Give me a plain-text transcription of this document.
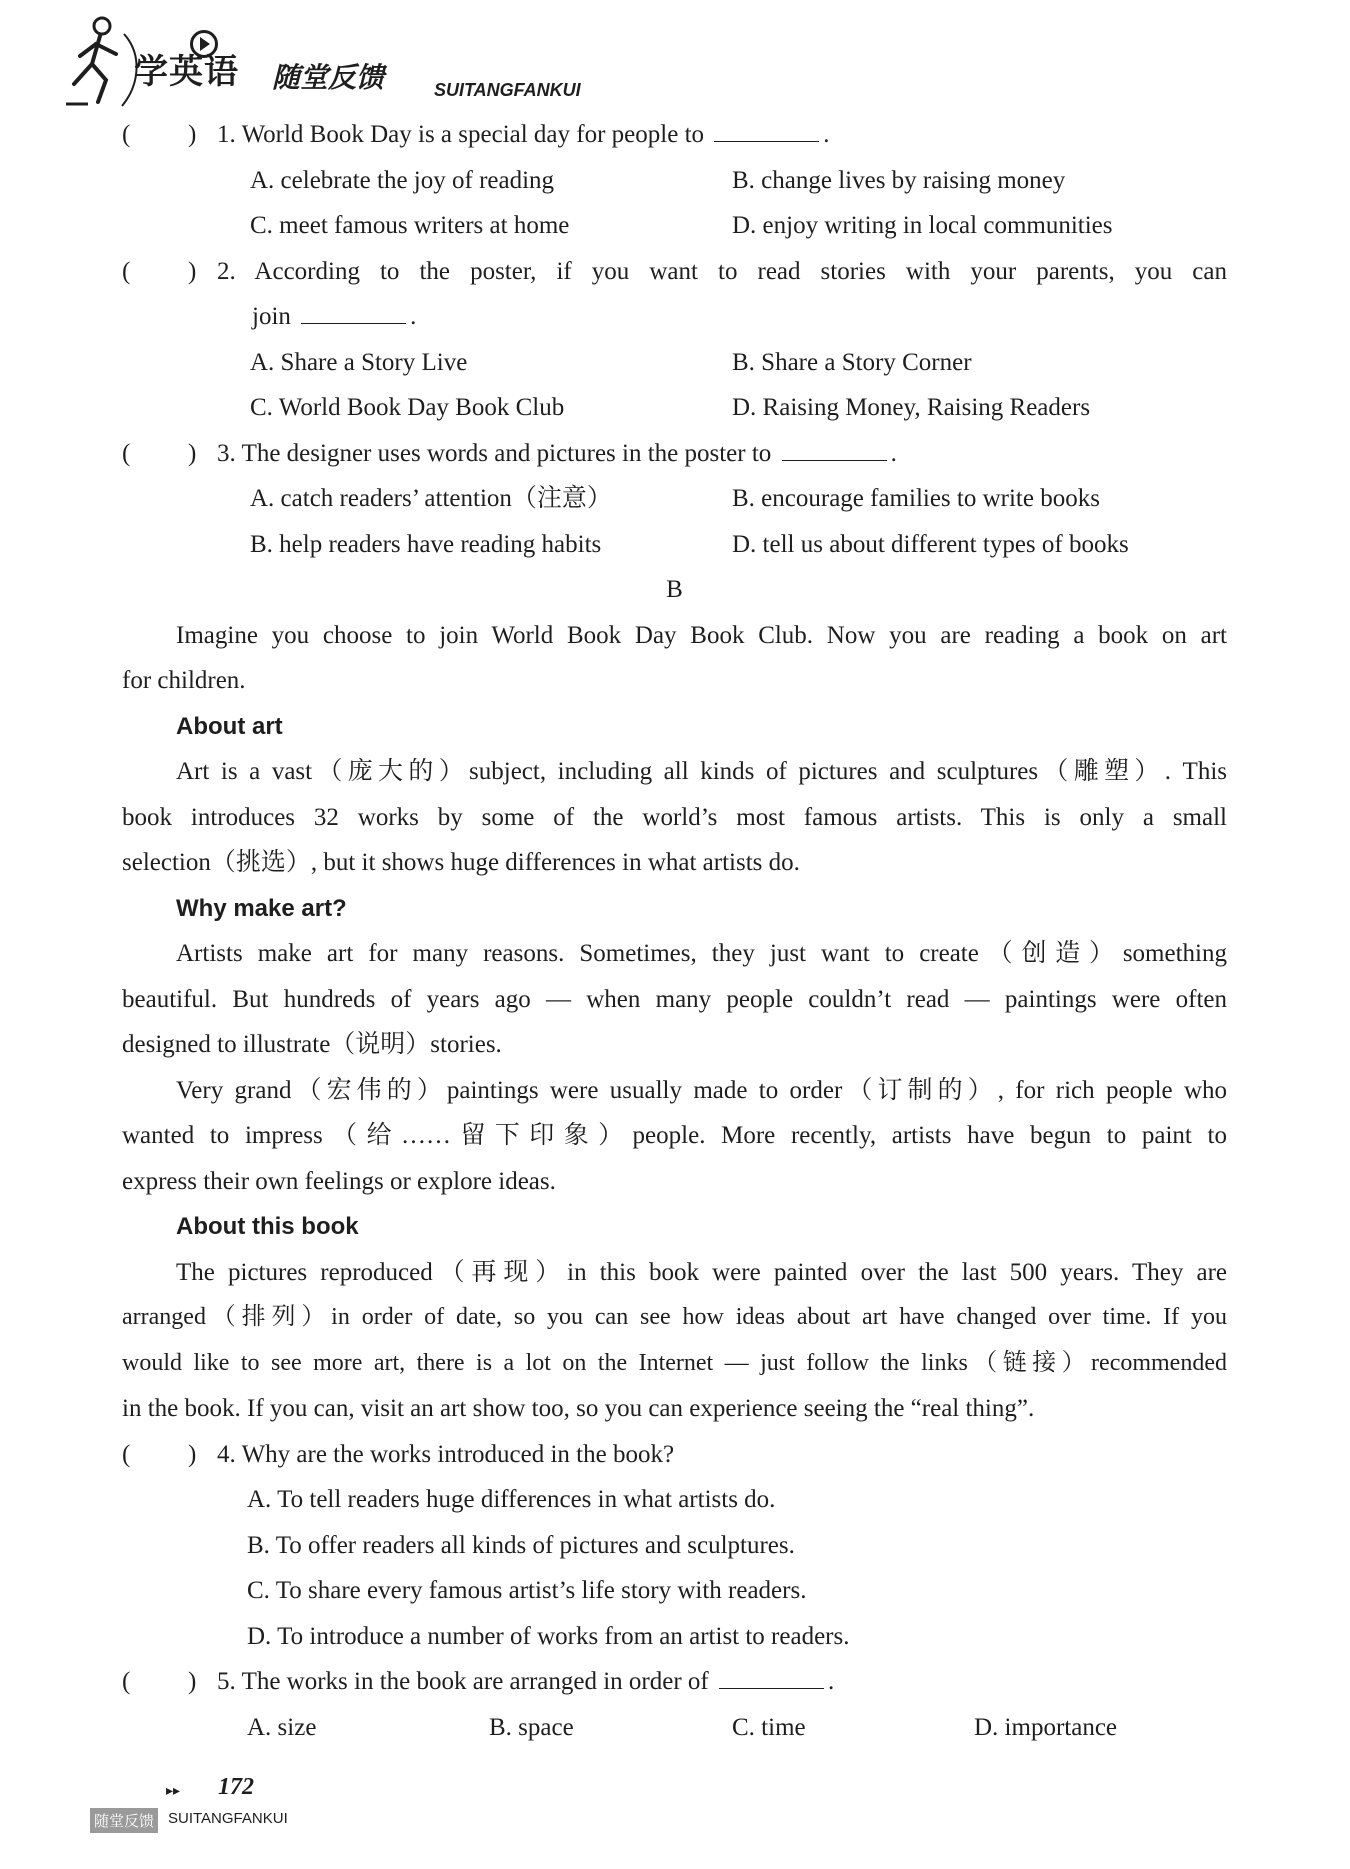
学英语 随堂反馈	SUITANGFANKUI
( ) 1. World Book Day is a special day for people to	.
A. celebrate the joy of reading	B. change lives by raising money
C. meet famous writers at home	D. enjoy writing in local communities
( ) 2. According to the poster, if you want to read stories with your parents, you can
join	.
A. Share a Story Live	B. Share a Story Corner
C. World Book Day Book Club	D. Raising Money, Raising Readers
( ) 3. The designer uses words and pictures in the poster to	.
A. catch readers’ attention（注意）	B. encourage families to write books
B. help readers have reading habits	D. tell us about different types of books
B
Imagine you choose to join World Book Day Book Club. Now you are reading a book on art
for children.
About art
Art is a vast（庞大的）subject, including all kinds of pictures and sculptures（雕塑）. This
book introduces 32 works by some of the world’s most famous artists. This is only a small
selection（挑选）, but it shows huge differences in what artists do.
Why make art?
Artists make art for many reasons. Sometimes, they just want to create（创造）something
beautiful. But hundreds of years ago — when many people couldn’t read — paintings were often
designed to illustrate（说明）stories.
Very grand（宏伟的）paintings were usually made to order（订制的）, for rich people who
wanted to impress（给……留下印象）people. More recently, artists have begun to paint to
express their own feelings or explore ideas.
About this book
The pictures reproduced（再现）in this book were painted over the last 500 years. They are
arranged（排列）in order of date, so you can see how ideas about art have changed over time. If you
would like to see more art, there is a lot on the Internet — just follow the links（链接）recommended
in the book. If you can, visit an art show too, so you can experience seeing the “real thing”.
( ) 4. Why are the works introduced in the book?
A. To tell readers huge differences in what artists do.
B. To offer readers all kinds of pictures and sculptures.
C. To share every famous artist’s life story with readers.
D. To introduce a number of works from an artist to readers.
( ) 5. The works in the book are arranged in order of	.
A. size	B. space	C. time	D. importance
▸▸ 172
随堂反馈 SUITANGFANKUI
